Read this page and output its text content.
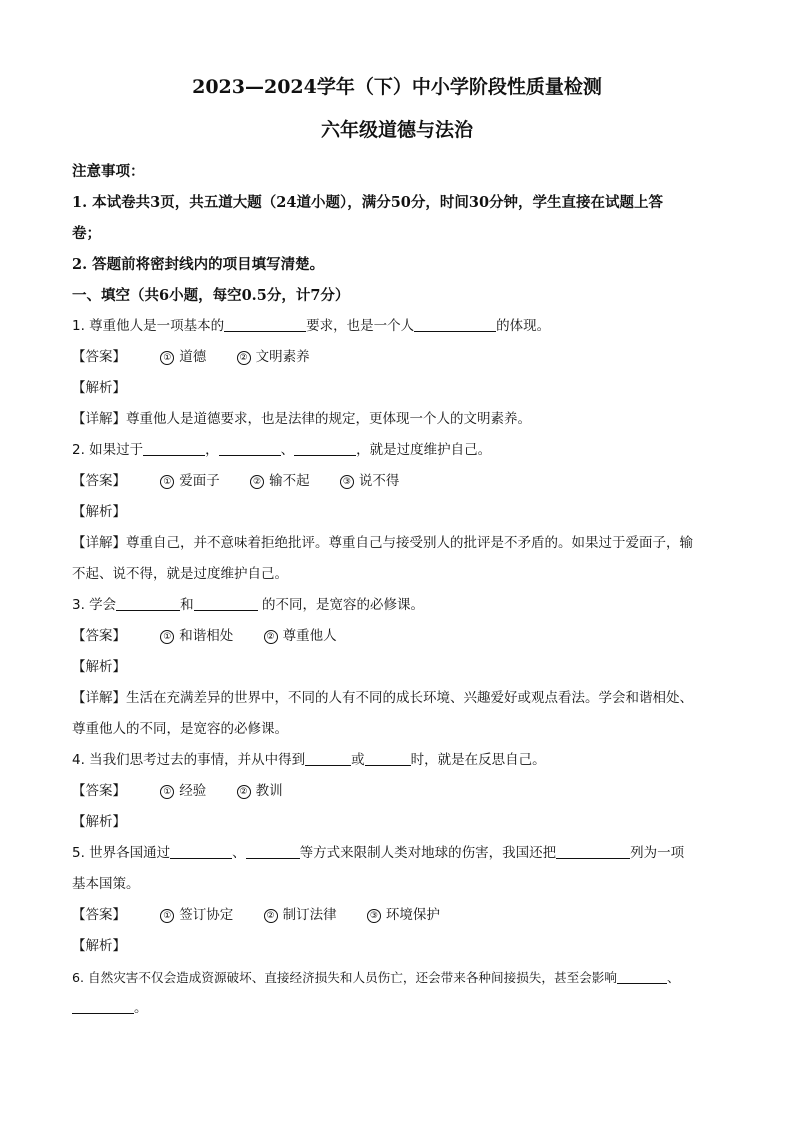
2023—2024学年（下）中小学阶段性质量检测
六年级道德与法治
注意事项：
1. 本试卷共3页，共五道大题（24道小题），满分50分，时间30分钟，学生直接在试题上答
卷；
2. 答题前将密封线内的项目填写清楚。
一、填空（共6小题，每空0.5分，计7分）
1. 尊重他人是一项基本的	要求，也是一个人	的体现。
【答案】	① 道德	② 文明素养
【解析】
【详解】尊重他人是道德要求，也是法律的规定，更体现一个人的文明素养。
2. 如果过于	，	、	，就是过度维护自己。
【答案】	① 爱面子	② 输不起	③ 说不得
【解析】
【详解】尊重自己，并不意味着拒绝批评。尊重自己与接受别人的批评是不矛盾的。如果过于爱面子，输
不起、说不得，就是过度维护自己。
3. 学会	和	的不同，是宽容的必修课。
【答案】	① 和谐相处	② 尊重他人
【解析】
【详解】生活在充满差异的世界中，不同的人有不同的成长环境、兴趣爱好或观点看法。学会和谐相处、
尊重他人的不同，是宽容的必修课。
4. 当我们思考过去的事情，并从中得到	或	时，就是在反思自己。
【答案】	① 经验	② 教训
【解析】
5. 世界各国通过	、	等方式来限制人类对地球的伤害，我国还把	列为一项
基本国策。
【答案】	① 签订协定	② 制订法律	③ 环境保护
【解析】
6. 自然灾害不仅会造成资源破坏、直接经济损失和人员伤亡，还会带来各种间接损失，甚至会影响	、
。
